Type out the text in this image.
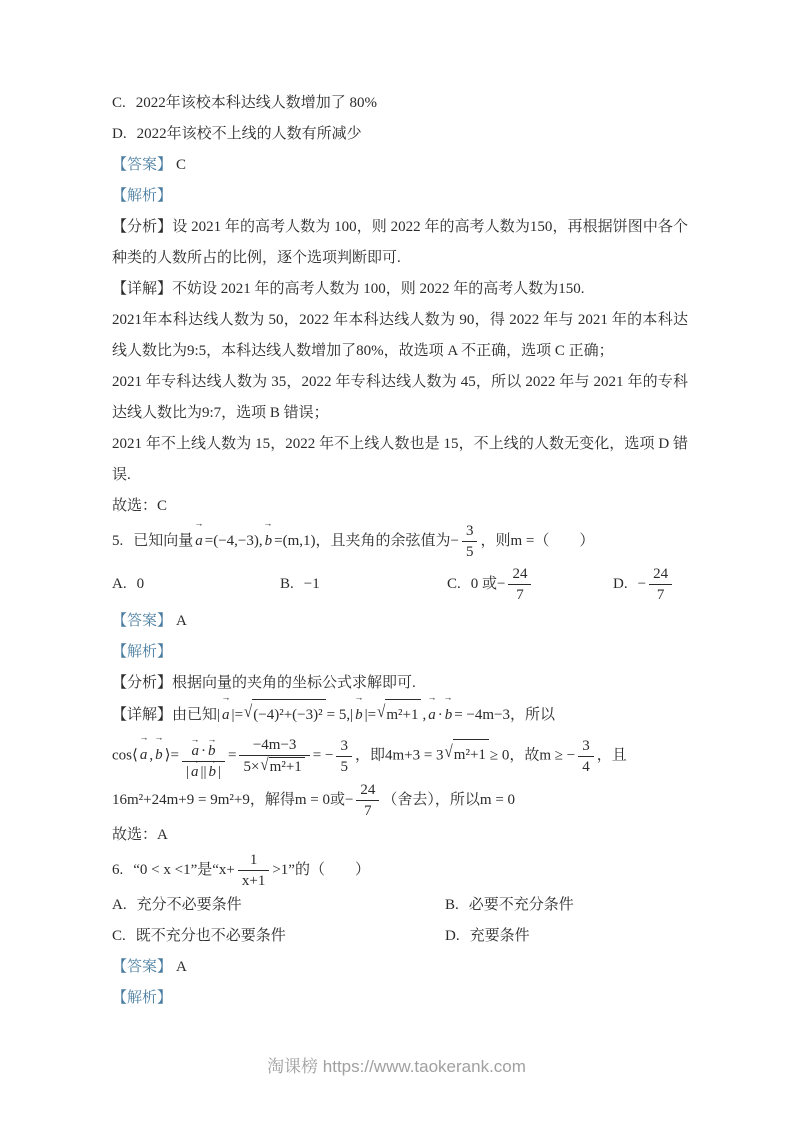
C. 2022年该校本科达线人数增加了 80%

D. 2022年该校不上线的人数有所减少

【答案】 C

【解析】

【分析】设 2021 年的高考人数为 100，则 2022 年的高考人数为150，再根据饼图中各个种类的人数所占的比例，逐个选项判断即可.

【详解】不妨设 2021 年的高考人数为 100，则 2022 年的高考人数为150.

2021年本科达线人数为 50，2022 年本科达线人数为 90，得 2022 年与 2021 年的本科达线人数比为9:5，本科达线人数增加了80%，故选项 A 不正确，选项 C 正确；

2021 年专科达线人数为 35，2022 年专科达线人数为 45，所以 2022 年与 2021 年的专科达线人数比为9:7，选项 B 错误；

2021 年不上线人数为 15，2022 年不上线人数也是 15，不上线的人数无变化，选项 D 错误.

故选：C

5. 已知向量
→
a =(−4,−3),
→
b =(m,1)，且夹角的余弦值为− $\frac{3}{5}$ ，则m =（　　）

A. 0	B. −1	C. 0 或− $\frac{24}{7}$	D. − $\frac{24}{7}$

【答案】 A

【解析】

【分析】根据向量的夹角的坐标公式求解即可.

【详解】由已知|
→
a |=√(−4)²+(−3)² = 5,|
→
b |=√m²+1 ,
→
a ·
→
b = −4m−3，所以

cos⟨
→
a ,
→
b ⟩= →
a ·
→
b
|
→
a ||
→
b | = $\frac{-4m-3}{\text{5×√m²+1}}$ = − $\frac{3}{5}$ ，即4m+3 = 3√m²+1 ≥ 0，故m ≥ − $\frac{3}{4}$ ，且

16m²+24m+9 = 9m²+9，解得m = 0或− $\frac{24}{7}$ （舍去），所以m = 0

故选：A

6. “0 < x <1”是“$x+ \frac{1}{x+1} >1$”的（　　）

A. 充分不必要条件	B. 必要不充分条件
C. 既不充分也不必要条件	D. 充要条件

【答案】 A

【解析】

淘课榜 https://www.taokerank.com
